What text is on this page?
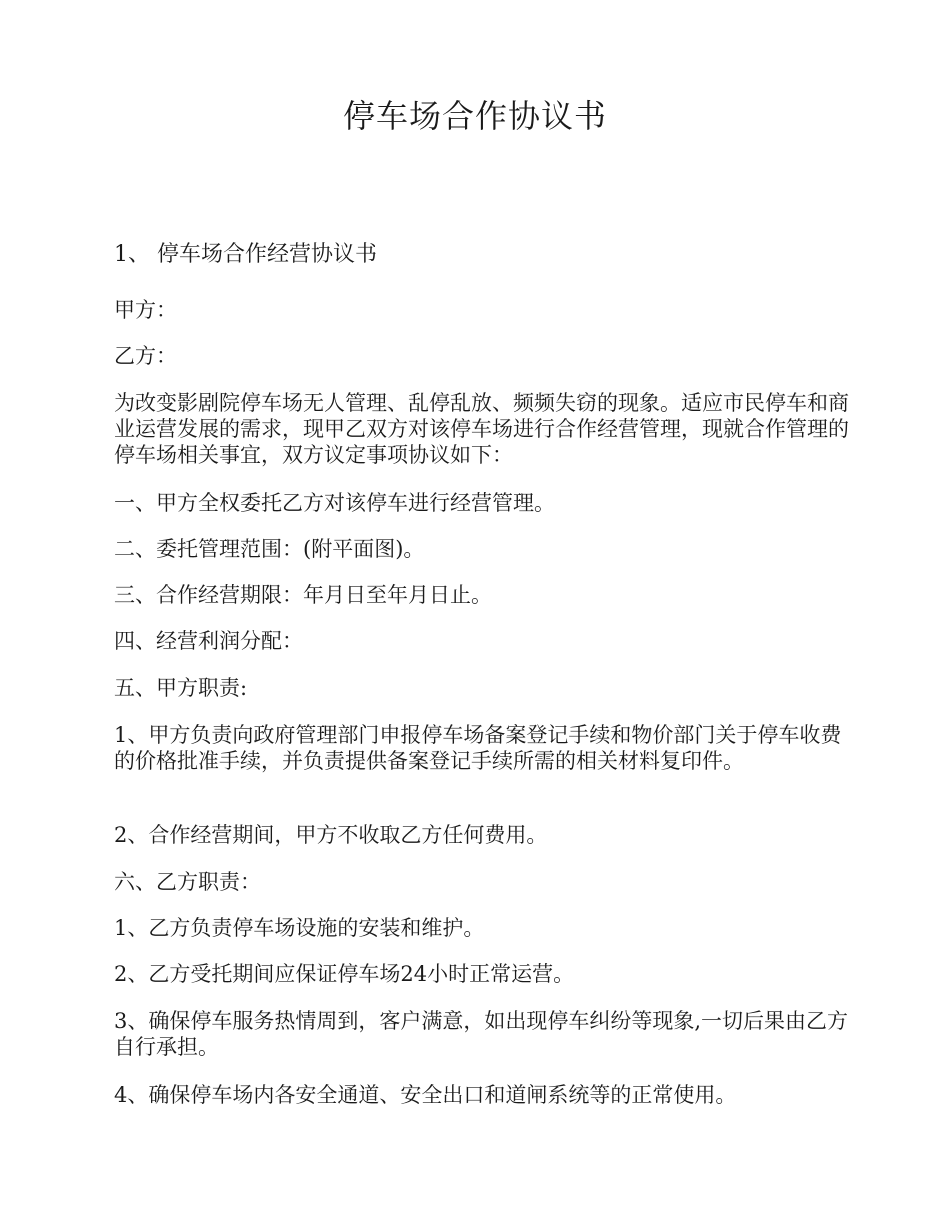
停车场合作协议书
1、 停车场合作经营协议书

甲方：

乙方：

为改变影剧院停车场无人管理、乱停乱放、频频失窃的现象。适应市民停车和商业运营发展的需求，现甲乙双方对该停车场进行合作经营管理，现就合作管理的停车场相关事宜，双方议定事项协议如下：

一、甲方全权委托乙方对该停车进行经营管理。

二、委托管理范围：(附平面图)。

三、合作经营期限：年月日至年月日止。

四、经营利润分配：

五、甲方职责:

1、甲方负责向政府管理部门申报停车场备案登记手续和物价部门关于停车收费的价格批准手续，并负责提供备案登记手续所需的相关材料复印件。

2、合作经营期间，甲方不收取乙方任何费用。

六、乙方职责：

1、乙方负责停车场设施的安装和维护。

2、乙方受托期间应保证停车场24小时正常运营。

3、确保停车服务热情周到，客户满意，如出现停车纠纷等现象,一切后果由乙方自行承担。

4、确保停车场内各安全通道、安全出口和道闸系统等的正常使用。
